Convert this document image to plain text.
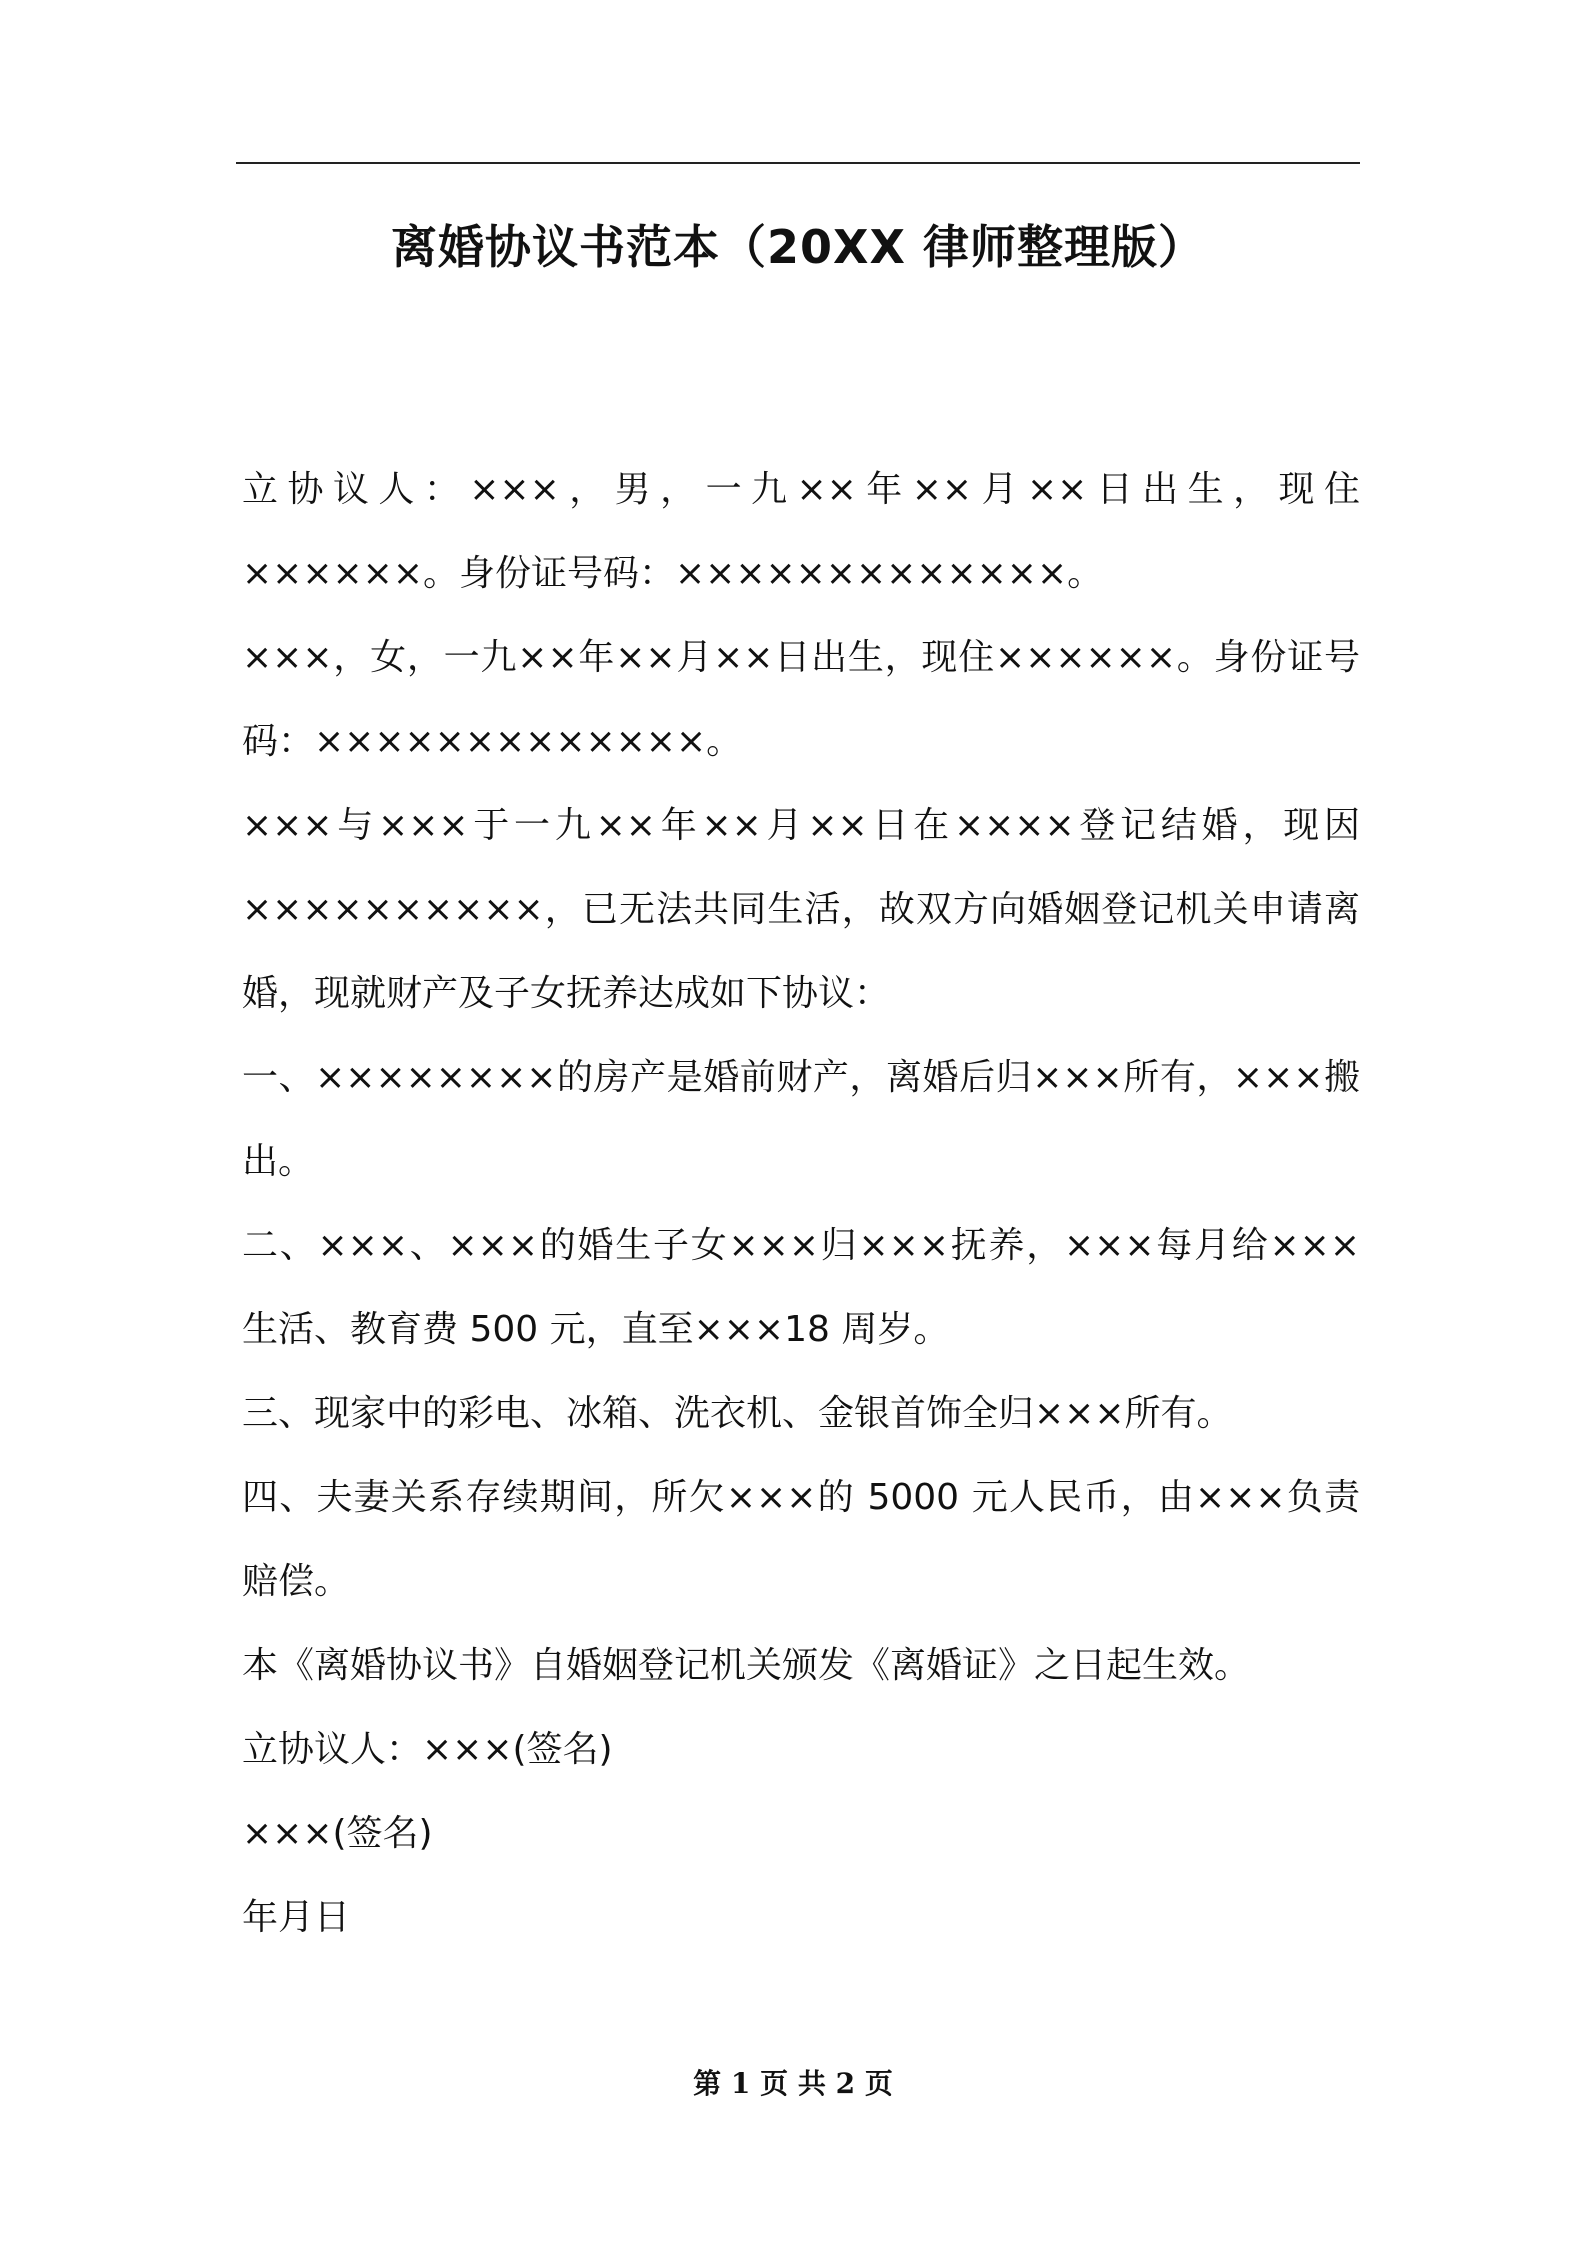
离婚协议书范本（20XX 律师整理版）

立协议人：×××，男，一九××年××月××日出生，现住××××××。身份证号码：×××××××××××××。

×××，女，一九××年××月××日出生，现住××××××。身份证号码：×××××××××××××。

×××与×××于一九××年××月××日在××××登记结婚，现因××××××××××，已无法共同生活，故双方向婚姻登记机关申请离婚，现就财产及子女抚养达成如下协议：

一、××××××××的房产是婚前财产，离婚后归×××所有，×××搬出。

二、×××、×××的婚生子女×××归×××抚养，×××每月给×××生活、教育费 500 元，直至×××18 周岁。

三、现家中的彩电、冰箱、洗衣机、金银首饰全归×××所有。

四、夫妻关系存续期间，所欠×××的 5000 元人民币，由×××负责赔偿。

本《离婚协议书》自婚姻登记机关颁发《离婚证》之日起生效。

立协议人：×××(签名)

×××(签名)

年月日

第 1 页 共 2 页
